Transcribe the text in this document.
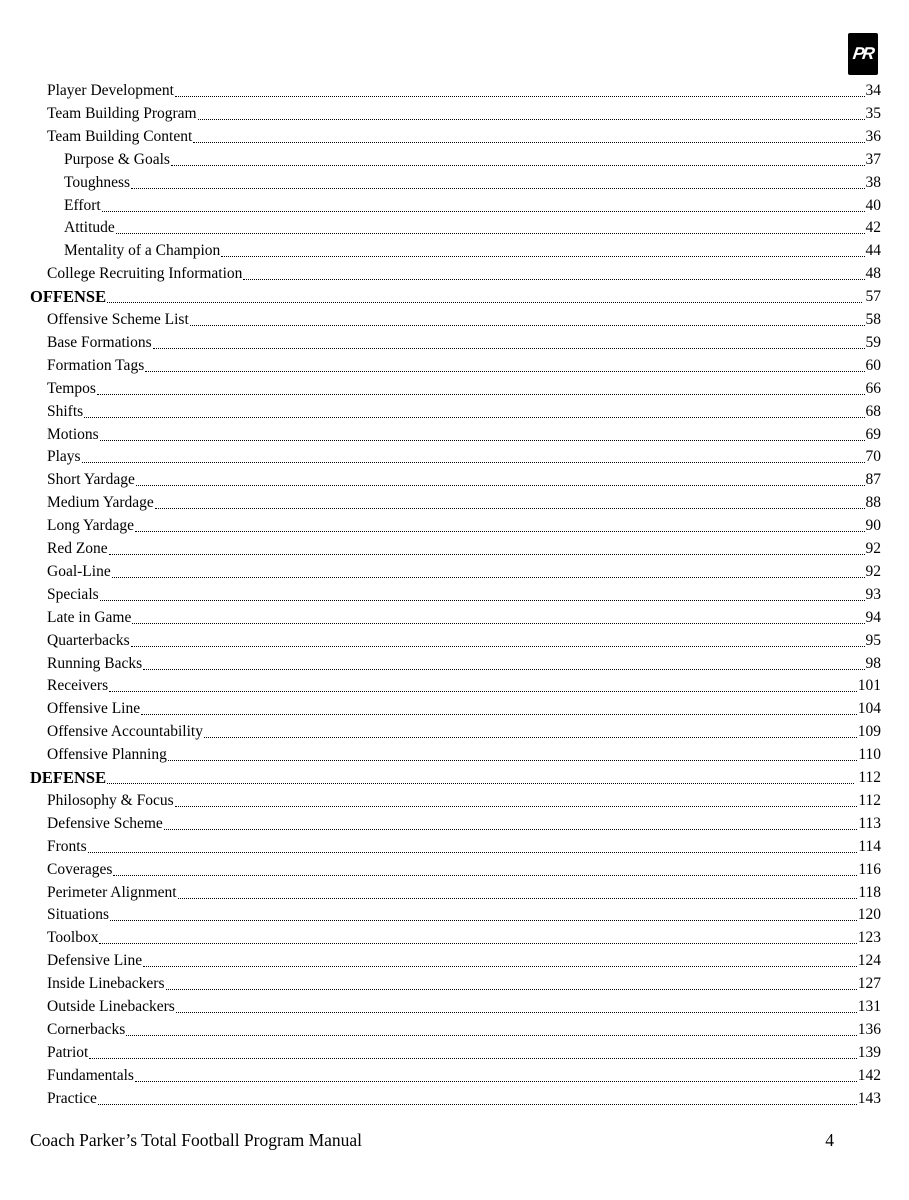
PR
Player Development	34
Team Building Program	35
Team Building Content	36
Purpose & Goals	37
Toughness	38
Effort	40
Attitude	42
Mentality of a Champion	44
College Recruiting Information	48
OFFENSE	57
Offensive Scheme List	58
Base Formations	59
Formation Tags	60
Tempos	66
Shifts	68
Motions	69
Plays	70
Short Yardage	87
Medium Yardage	88
Long Yardage	90
Red Zone	92
Goal-Line	92
Specials	93
Late in Game	94
Quarterbacks	95
Running Backs	98
Receivers	101
Offensive Line	104
Offensive Accountability	109
Offensive Planning	110
DEFENSE	112
Philosophy & Focus	112
Defensive Scheme	113
Fronts	114
Coverages	116
Perimeter Alignment	118
Situations	120
Toolbox	123
Defensive Line	124
Inside Linebackers	127
Outside Linebackers	131
Cornerbacks	136
Patriot	139
Fundamentals	142
Practice	143
Coach Parker’s Total Football Program Manual	4
